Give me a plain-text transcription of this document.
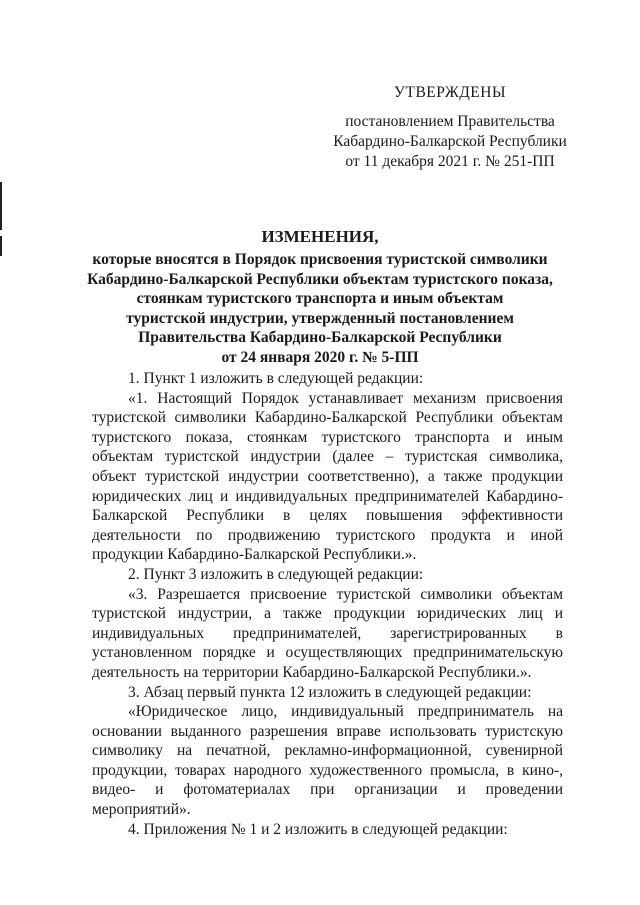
УТВЕРЖДЕНЫ
постановлением Правительства
Кабардино-Балкарской Республики
от 11 декабря 2021 г. № 251-ПП
ИЗМЕНЕНИЯ,
которые вносятся в Порядок присвоения туристской символики
Кабардино-Балкарской Республики объектам туристского показа,
стоянкам туристского транспорта и иным объектам
туристской индустрии, утвержденный постановлением
Правительства Кабардино-Балкарской Республики
от 24 января 2020 г. № 5-ПП

1. Пункт 1 изложить в следующей редакции:

«1. Настоящий Порядок устанавливает механизм присвоения туристской символики Кабардино-Балкарской Республики объектам туристского показа, стоянкам туристского транспорта и иным объектам туристской индустрии (далее – туристская символика, объект туристской индустрии соответственно), а также продукции юридических лиц и индивидуальных предпринимателей Кабардино-Балкарской Республики в целях повышения эффективности деятельности по продвижению туристского продукта и иной продукции Кабардино-Балкарской Республики.».

2. Пункт 3 изложить в следующей редакции:

«3. Разрешается присвоение туристской символики объектам туристской индустрии, а также продукции юридических лиц и индивидуальных предпринимателей, зарегистрированных в установленном порядке и осуществляющих предпринимательскую деятельность на территории Кабардино-Балкарской Республики.».

3. Абзац первый пункта 12 изложить в следующей редакции:

«Юридическое лицо, индивидуальный предприниматель на основании выданного разрешения вправе использовать туристскую символику на печатной, рекламно-информационной, сувенирной продукции, товарах народного художественного промысла, в кино-, видео- и фотоматериалах при организации и проведении мероприятий».

4. Приложения № 1 и 2 изложить в следующей редакции:
